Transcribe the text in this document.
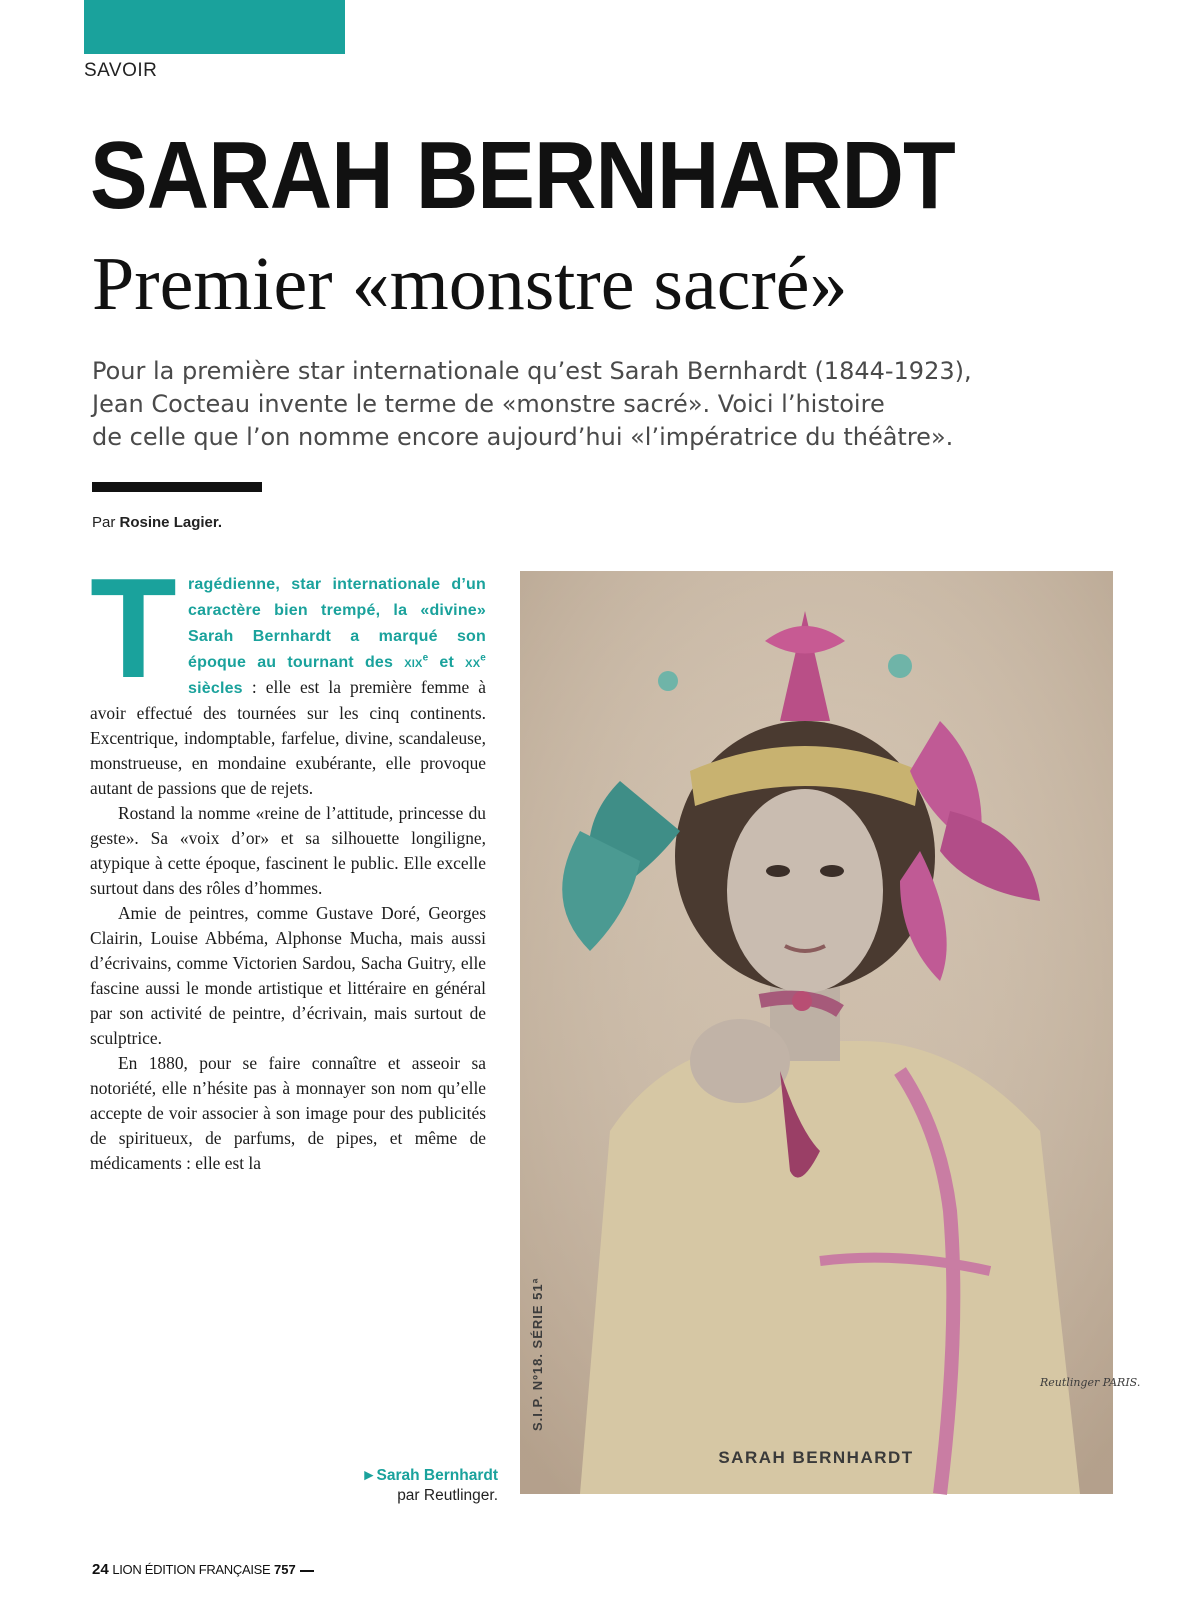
SAVOIR
SARAH BERNHARDT
Premier «monstre sacré»
Pour la première star internationale qu’est Sarah Bernhardt (1844-1923),
Jean Cocteau invente le terme de «monstre sacré». Voici l’histoire
de celle que l’on nomme encore aujourd’hui «l’impératrice du théâtre».
Par Rosine Lagier.

Tragédienne, star internationale d’un caractère bien trempé, la «divine» Sarah Bernhardt a marqué son époque au tournant des xix$^e$ et $xx^e$ siècles : elle est la première femme à avoir effectué des tournées sur les cinq continents. Excentrique, indomptable, farfelue, divine, scandaleuse, monstrueuse, en mondaine exubérante, elle provoque autant de passions que de rejets.

Rostand la nomme «reine de l’attitude, princesse du geste». Sa «voix d’or» et sa silhouette longiligne, atypique à cette époque, fascinent le public. Elle excelle surtout dans des rôles d’hommes.

Amie de peintres, comme Gustave Doré, Georges Clairin, Louise Abbéma, Alphonse Mucha, mais aussi d’écrivains, comme Victorien Sardou, Sacha Guitry, elle fascine aussi le monde artistique et littéraire en général par son activité de peintre, d’écrivain, mais surtout de sculptrice.

En 1880, pour se faire connaître et asseoir sa notoriété, elle n’hésite pas à monnayer son nom qu’elle accepte de voir associer à son image pour des publicités de spiritueux, de parfums, de pipes, et même de médicaments : elle est la

S.I.P. Nº18. SÉRIE 51ª	Reutlinger PARIS.
SARAH BERNHARDT
►Sarah Bernhardt
par Reutlinger.
24 LION ÉDITION FRANÇAISE 757
